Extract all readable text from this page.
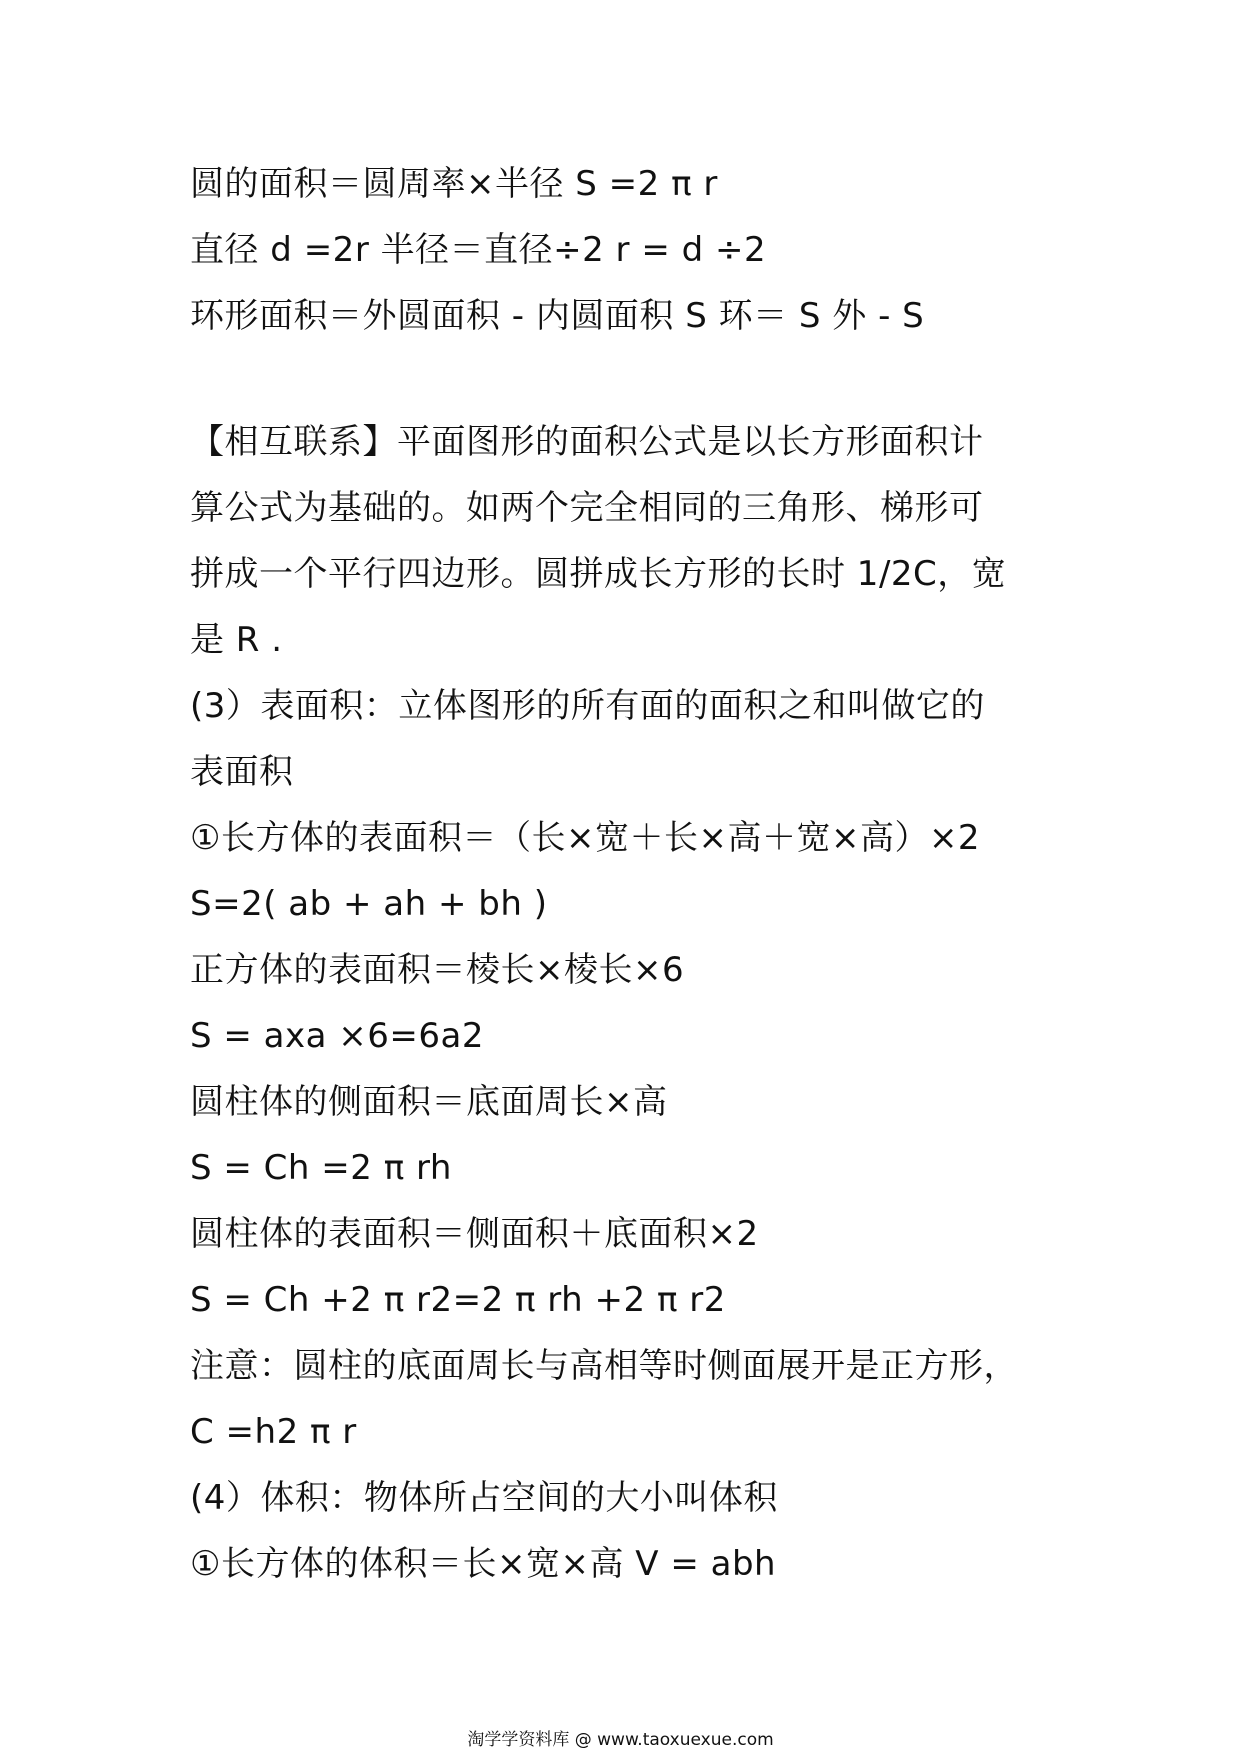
圆的面积＝圆周率×半径 S =2 π r
直径 d =2r 半径＝直径÷2 r = d ÷2
环形面积＝外圆面积 - 内圆面积 S 环＝ S 外 - S
【相互联系】平面图形的面积公式是以长方形面积计
算公式为基础的。如两个完全相同的三角形、梯形可
拼成一个平行四边形。圆拼成长方形的长时 1/2C，宽
是 R .
(3）表面积：立体图形的所有面的面积之和叫做它的
表面积
①长方体的表面积＝（长×宽＋长×高＋宽×高）×2
S=2( ab + ah + bh )
正方体的表面积＝棱长×棱长×6
S = axa ×6=6a2
圆柱体的侧面积＝底面周长×高
S = Ch =2 π rh
圆柱体的表面积＝侧面积＋底面积×2
S = Ch +2 π r2=2 π rh +2 π r2
注意：圆柱的底面周长与高相等时侧面展开是正方形，
C =h2 π r
(4）体积：物体所占空间的大小叫体积
①长方体的体积＝长×宽×高 V = abh
淘学学资料库 @ www.taoxuexue.com
